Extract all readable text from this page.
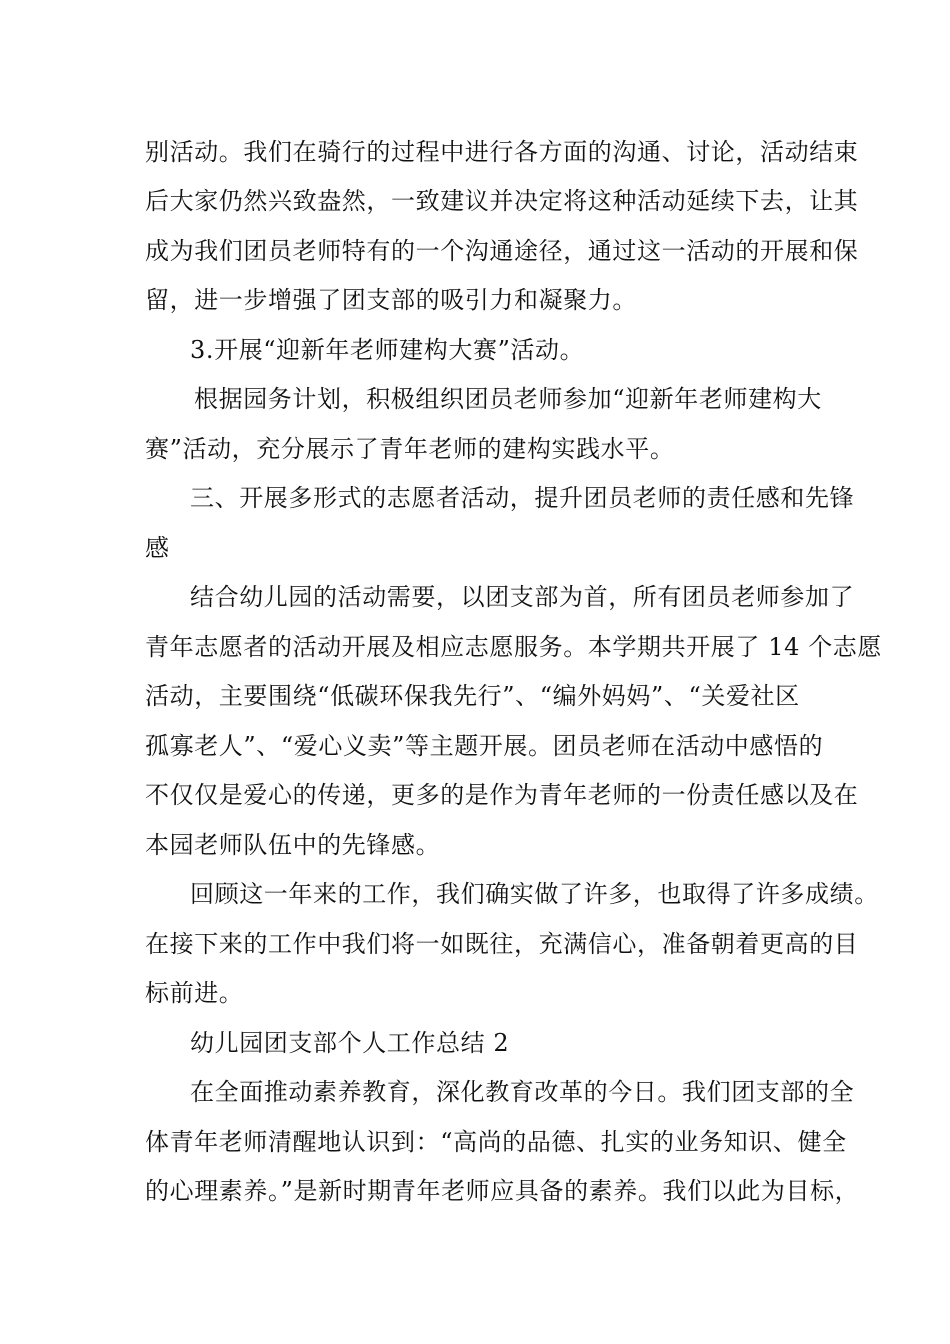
别活动。我们在骑行的过程中进行各方面的沟通、讨论，活动结束
后大家仍然兴致盎然，一致建议并决定将这种活动延续下去，让其
成为我们团员老师特有的一个沟通途径，通过这一活动的开展和保
留，进一步增强了团支部的吸引力和凝聚力。
3.开展“迎新年老师建构大赛”活动。
根据园务计划，积极组织团员老师参加“迎新年老师建构大
赛”活动，充分展示了青年老师的建构实践水平。
三、开展多形式的志愿者活动，提升团员老师的责任感和先锋
感
结合幼儿园的活动需要，以团支部为首，所有团员老师参加了
青年志愿者的活动开展及相应志愿服务。本学期共开展了 14 个志愿
活动，主要围绕“低碳环保我先行”、“编外妈妈”、“关爱社区
孤寡老人”、“爱心义卖”等主题开展。团员老师在活动中感悟的
不仅仅是爱心的传递，更多的是作为青年老师的一份责任感以及在
本园老师队伍中的先锋感。
回顾这一年来的工作，我们确实做了许多，也取得了许多成绩。
在接下来的工作中我们将一如既往，充满信心，准备朝着更高的目
标前进。
幼儿园团支部个人工作总结 2
在全面推动素养教育，深化教育改革的今日。我们团支部的全
体青年老师清醒地认识到：“高尚的品德、扎实的业务知识、健全
的心理素养。”是新时期青年老师应具备的素养。我们以此为目标，
